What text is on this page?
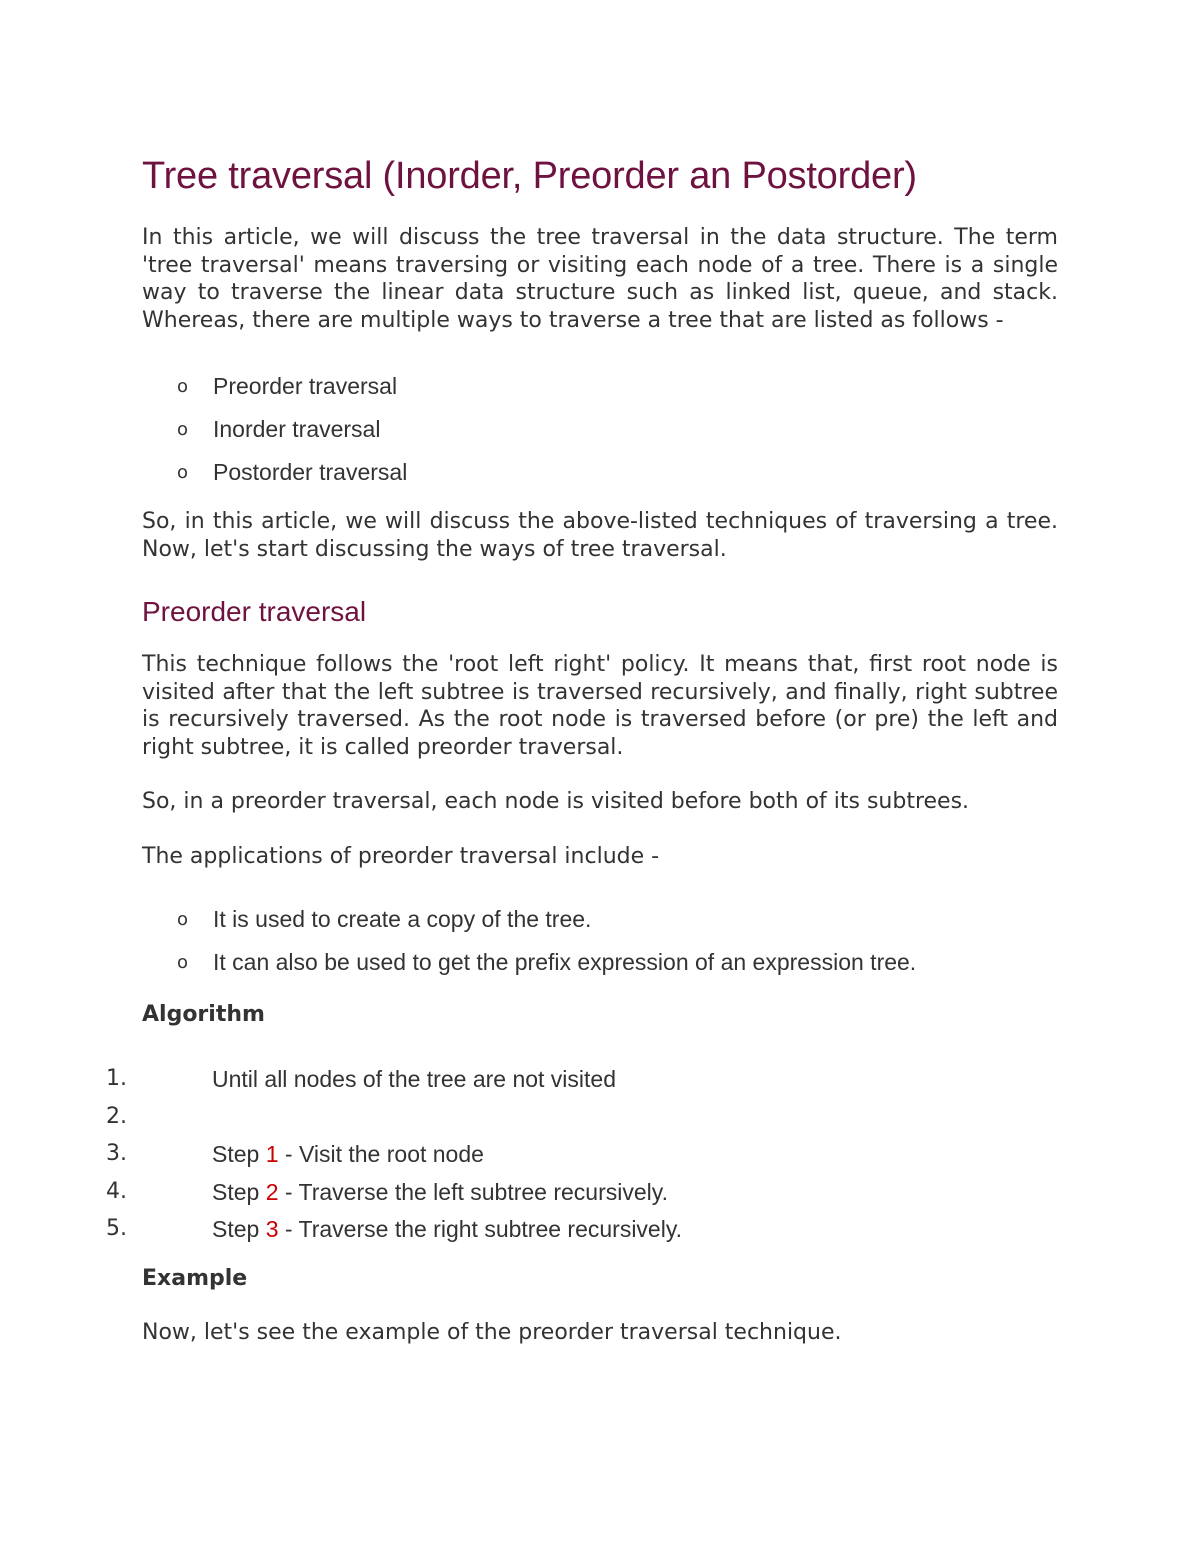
Tree traversal (Inorder, Preorder an Postorder)

In this article, we will discuss the tree traversal in the data structure. The term 'tree traversal' means traversing or visiting each node of a tree. There is a single way to traverse the linear data structure such as linked list, queue, and stack. Whereas, there are multiple ways to traverse a tree that are listed as follows -

o Preorder traversal
o Inorder traversal
o Postorder traversal

So, in this article, we will discuss the above-listed techniques of traversing a tree. Now, let's start discussing the ways of tree traversal.

Preorder traversal

This technique follows the 'root left right' policy. It means that, first root node is visited after that the left subtree is traversed recursively, and finally, right subtree is recursively traversed. As the root node is traversed before (or pre) the left and right subtree, it is called preorder traversal.

So, in a preorder traversal, each node is visited before both of its subtrees.

The applications of preorder traversal include -

o It is used to create a copy of the tree.
o It can also be used to get the prefix expression of an expression tree.

Algorithm

1.	Until all nodes of the tree are not visited
2.
3.	Step 1 - Visit the root node
4.	Step 2 - Traverse the left subtree recursively.
5.	Step 3 - Traverse the right subtree recursively.

Example

Now, let's see the example of the preorder traversal technique.
